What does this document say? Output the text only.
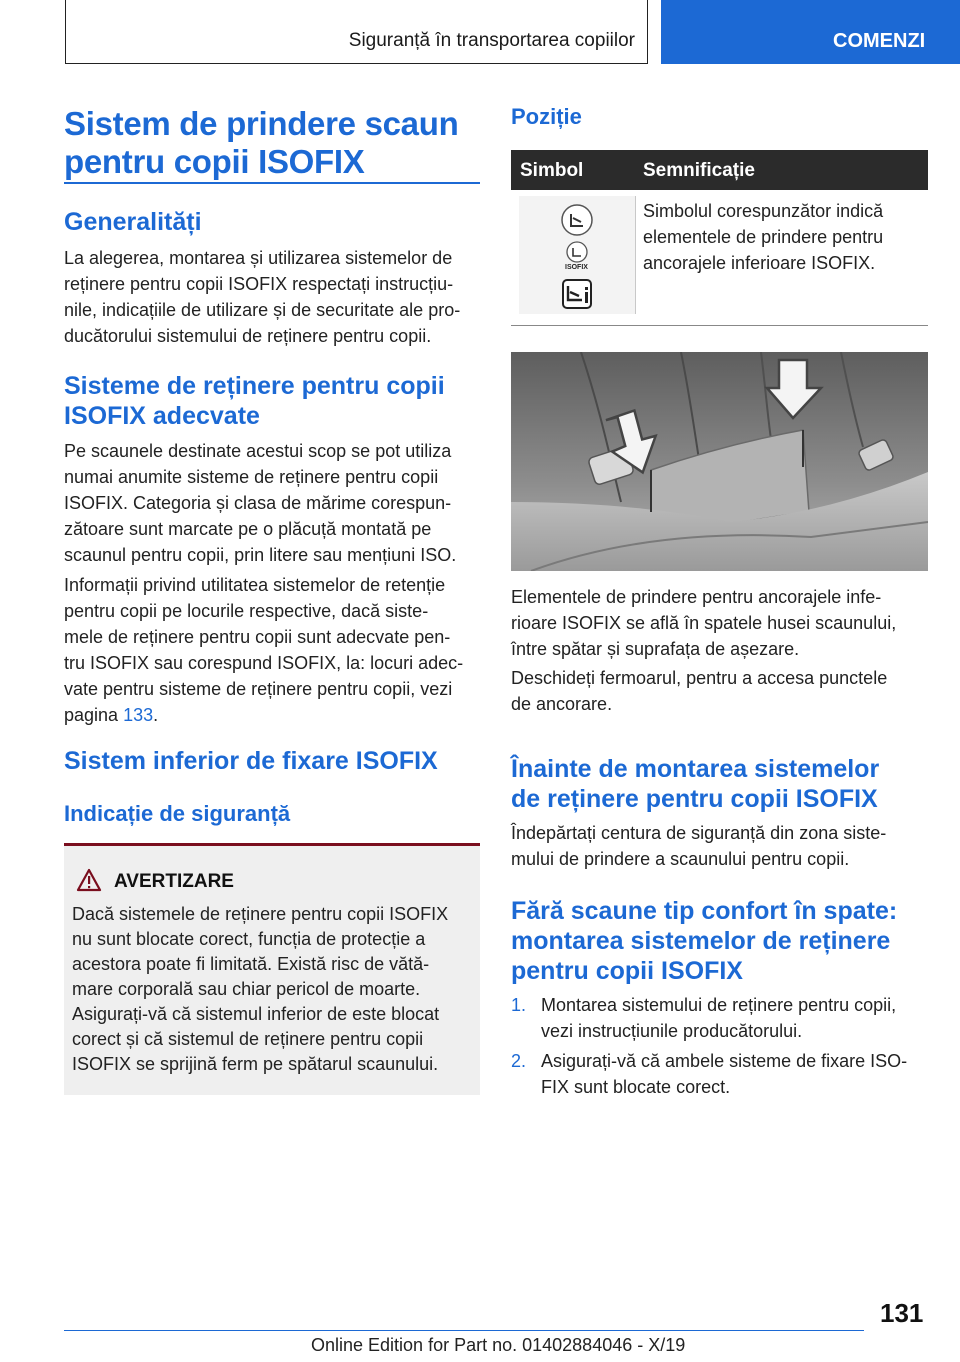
Siguranță în transportarea copiilor	COMENZI
Sistem de prindere scaun
pentru copii ISOFIX
Generalități
La alegerea, montarea și utilizarea sistemelor de
reținere pentru copii ISOFIX respectați instrucțiu-
nile, indicațiile de utilizare și de securitate ale pro-
ducătorului sistemului de reținere pentru copii.
Sisteme de reținere pentru copii
ISOFIX adecvate
Pe scaunele destinate acestui scop se pot utiliza
numai anumite sisteme de reținere pentru copii
ISOFIX. Categoria și clasa de mărime corespun-
zătoare sunt marcate pe o plăcuță montată pe
scaunul pentru copii, prin litere sau mențiuni ISO.
Informații privind utilitatea sistemelor de retenție
pentru copii pe locurile respective, dacă siste-
mele de reținere pentru copii sunt adecvate pen-
tru ISOFIX sau corespund ISOFIX, la: locuri adec-
vate pentru sisteme de reținere pentru copii, vezi
pagina 133.
Sistem inferior de fixare ISOFIX
Indicație de siguranță
AVERTIZARE
Dacă sistemele de reținere pentru copii ISOFIX
nu sunt blocate corect, funcția de protecție a
acestora poate fi limitată. Există risc de vătă-
mare corporală sau chiar pericol de moarte.
Asigurați-vă că sistemul inferior de este blocat
corect și că sistemul de reținere pentru copii
ISOFIX se sprijină ferm pe spătarul scaunului.
Poziție
Simbol	Semnificație
ISOFIX
Simbolul corespunzător indică
elementele de prindere pentru
ancorajele inferioare ISOFIX.
Elementele de prindere pentru ancorajele infe-
rioare ISOFIX se află în spatele husei scaunului,
între spătar și suprafața de așezare.
Deschideți fermoarul, pentru a accesa punctele
de ancorare.
Înainte de montarea sistemelor
de reținere pentru copii ISOFIX
Îndepărtați centura de siguranță din zona siste-
mului de prindere a scaunului pentru copii.
Fără scaune tip confort în spate:
montarea sistemelor de reținere
pentru copii ISOFIX
1. Montarea sistemului de reținere pentru copii,
vezi instrucțiunile producătorului.
2. Asigurați-vă că ambele sisteme de fixare ISO-
FIX sunt blocate corect.
131
Online Edition for Part no. 01402884046 - X/19
